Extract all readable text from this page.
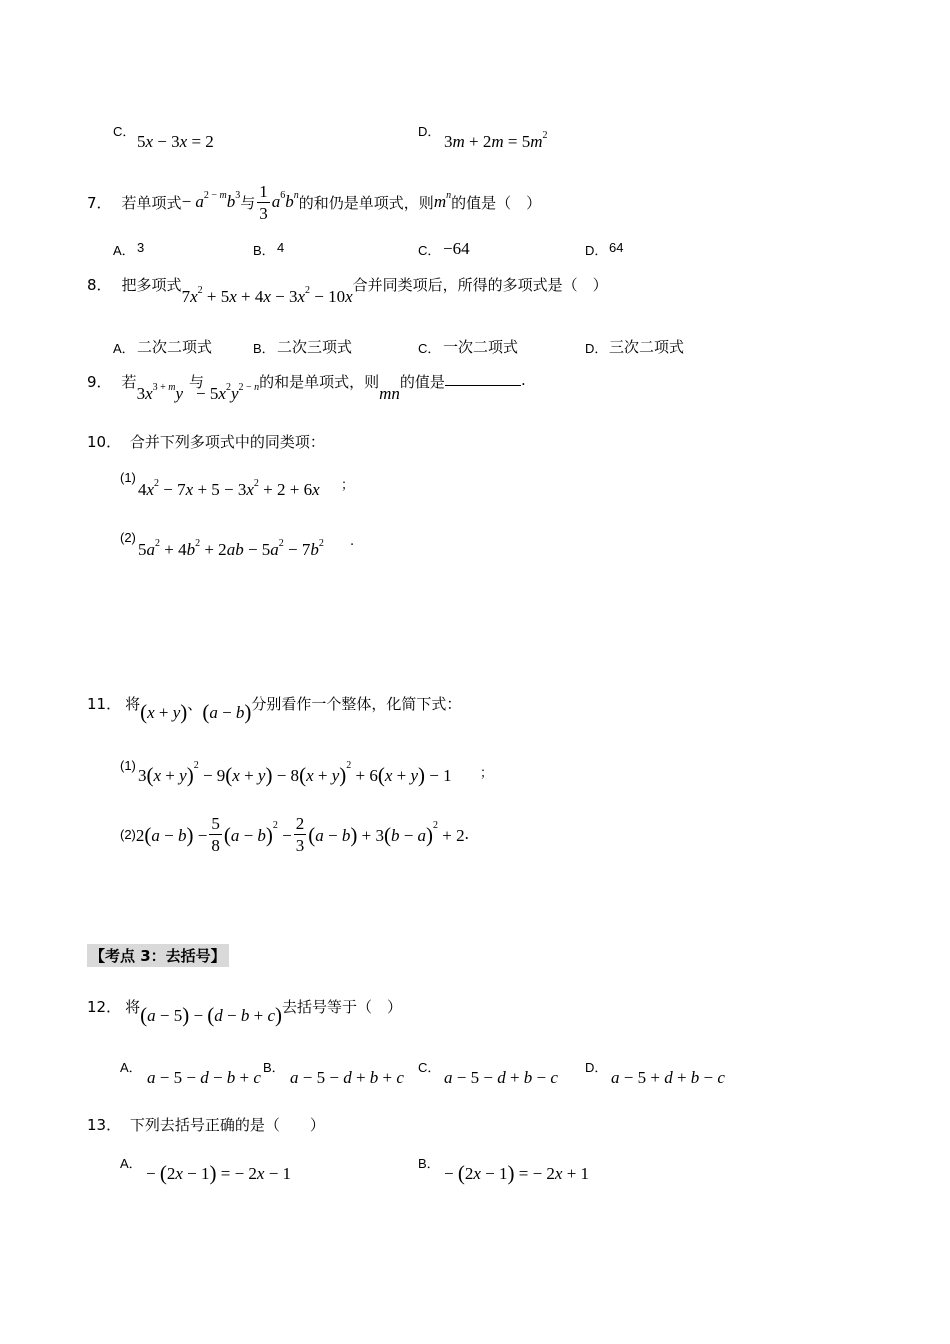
C．
5x − 3x = 2
D．
$3m + 2m = 5m^2$
7． 若单项式 − $a^{2 - m}b^3$ 与 $\frac{1}{3} a^6b^n$ 的和仍是单项式，则 $m^n$ 的值是（　）
A． 3	B． 4	C． −64	D． 64
8． 把多项式
$7x^2 + 5x + 4x - 3x^2 - 10x$
合并同类项后，所得的多项式是（　）
A． 二次二项式	B． 二次三项式	C． 一次二项式	D． 三次二项式
9． 若
$3x^{3 + m}y$
与
− $5x^2y^{2 - n}$ 的和是单项式，则
mn
的值是	.
10． 合并下列多项式中的同类项：
(1)
$4x^2 - 7x + 5 - 3x^2 + 2 + 6x$ ；
(2)
$5a^2 + 4b^2 + 2ab - 5a^2 - 7b^2$ .
11． 将 (x + y) 、 (a − b) 分别看作一个整体，化简下式：
(1)
$3(x + y)^2 - 9(x + y) - 8(x + y)^2 + 6(x + y) - 1$ ；
(2) $2(a - b) - \frac{5}{8} (a - b)^2 - \frac{2}{3} (a - b) + 3(b - a)^2 + 2$ .
【考点 3：去括号】
12． 将 (a − 5) − (d − b + c) 去括号等于（　）
A．
a − 5 − d − b + c
B．
a − 5 − d + b + c
C．
a − 5 − d + b − c
D．
a − 5 + d + b − c
13． 下列去括号正确的是（　　）
A．
− (2x − 1) = − 2x − 1
B．
− (2x − 1) = − 2x + 1
